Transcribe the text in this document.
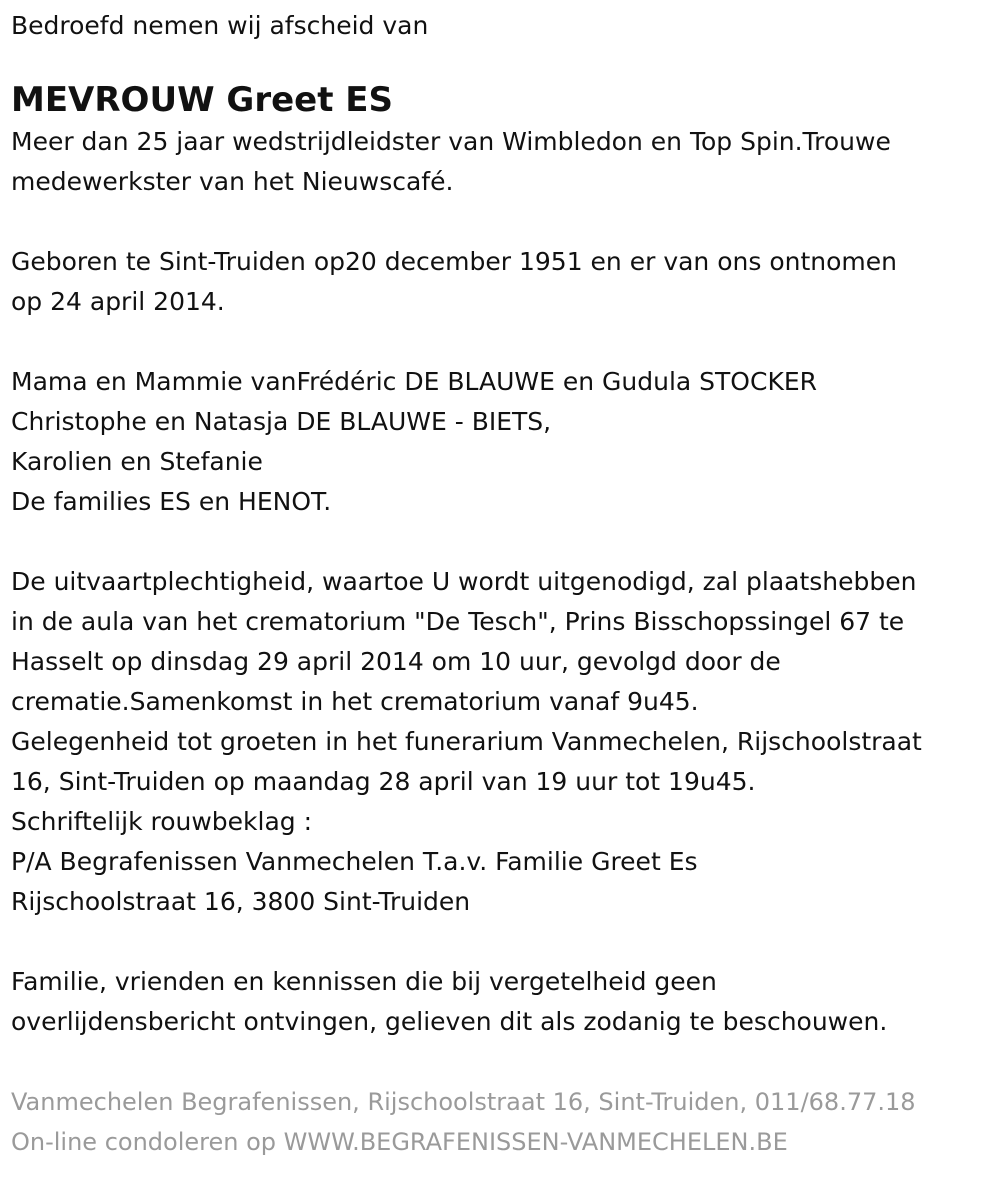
Bedroefd nemen wij afscheid van
MEVROUW Greet ES
Meer dan 25 jaar wedstrijdleidster van Wimbledon en Top Spin.Trouwe
medewerkster van het Nieuwscafé.
Geboren te Sint-Truiden op20 december 1951 en er van ons ontnomen
op 24 april 2014.
Mama en Mammie vanFrédéric DE BLAUWE en Gudula STOCKER
Christophe en Natasja DE BLAUWE - BIETS,
Karolien en Stefanie
De families ES en HENOT.
De uitvaartplechtigheid, waartoe U wordt uitgenodigd, zal plaatshebben
in de aula van het crematorium "De Tesch", Prins Bisschopssingel 67 te
Hasselt op dinsdag 29 april 2014 om 10 uur, gevolgd door de
crematie.Samenkomst in het crematorium vanaf 9u45.
Gelegenheid tot groeten in het funerarium Vanmechelen, Rijschoolstraat
16, Sint-Truiden op maandag 28 april van 19 uur tot 19u45.
Schriftelijk rouwbeklag :
P/A Begrafenissen Vanmechelen T.a.v. Familie Greet Es
Rijschoolstraat 16, 3800 Sint-Truiden
Familie, vrienden en kennissen die bij vergetelheid geen
overlijdensbericht ontvingen, gelieven dit als zodanig te beschouwen.
Vanmechelen Begrafenissen, Rijschoolstraat 16, Sint-Truiden, 011/68.77.18
On-line condoleren op WWW.BEGRAFENISSEN-VANMECHELEN.BE
